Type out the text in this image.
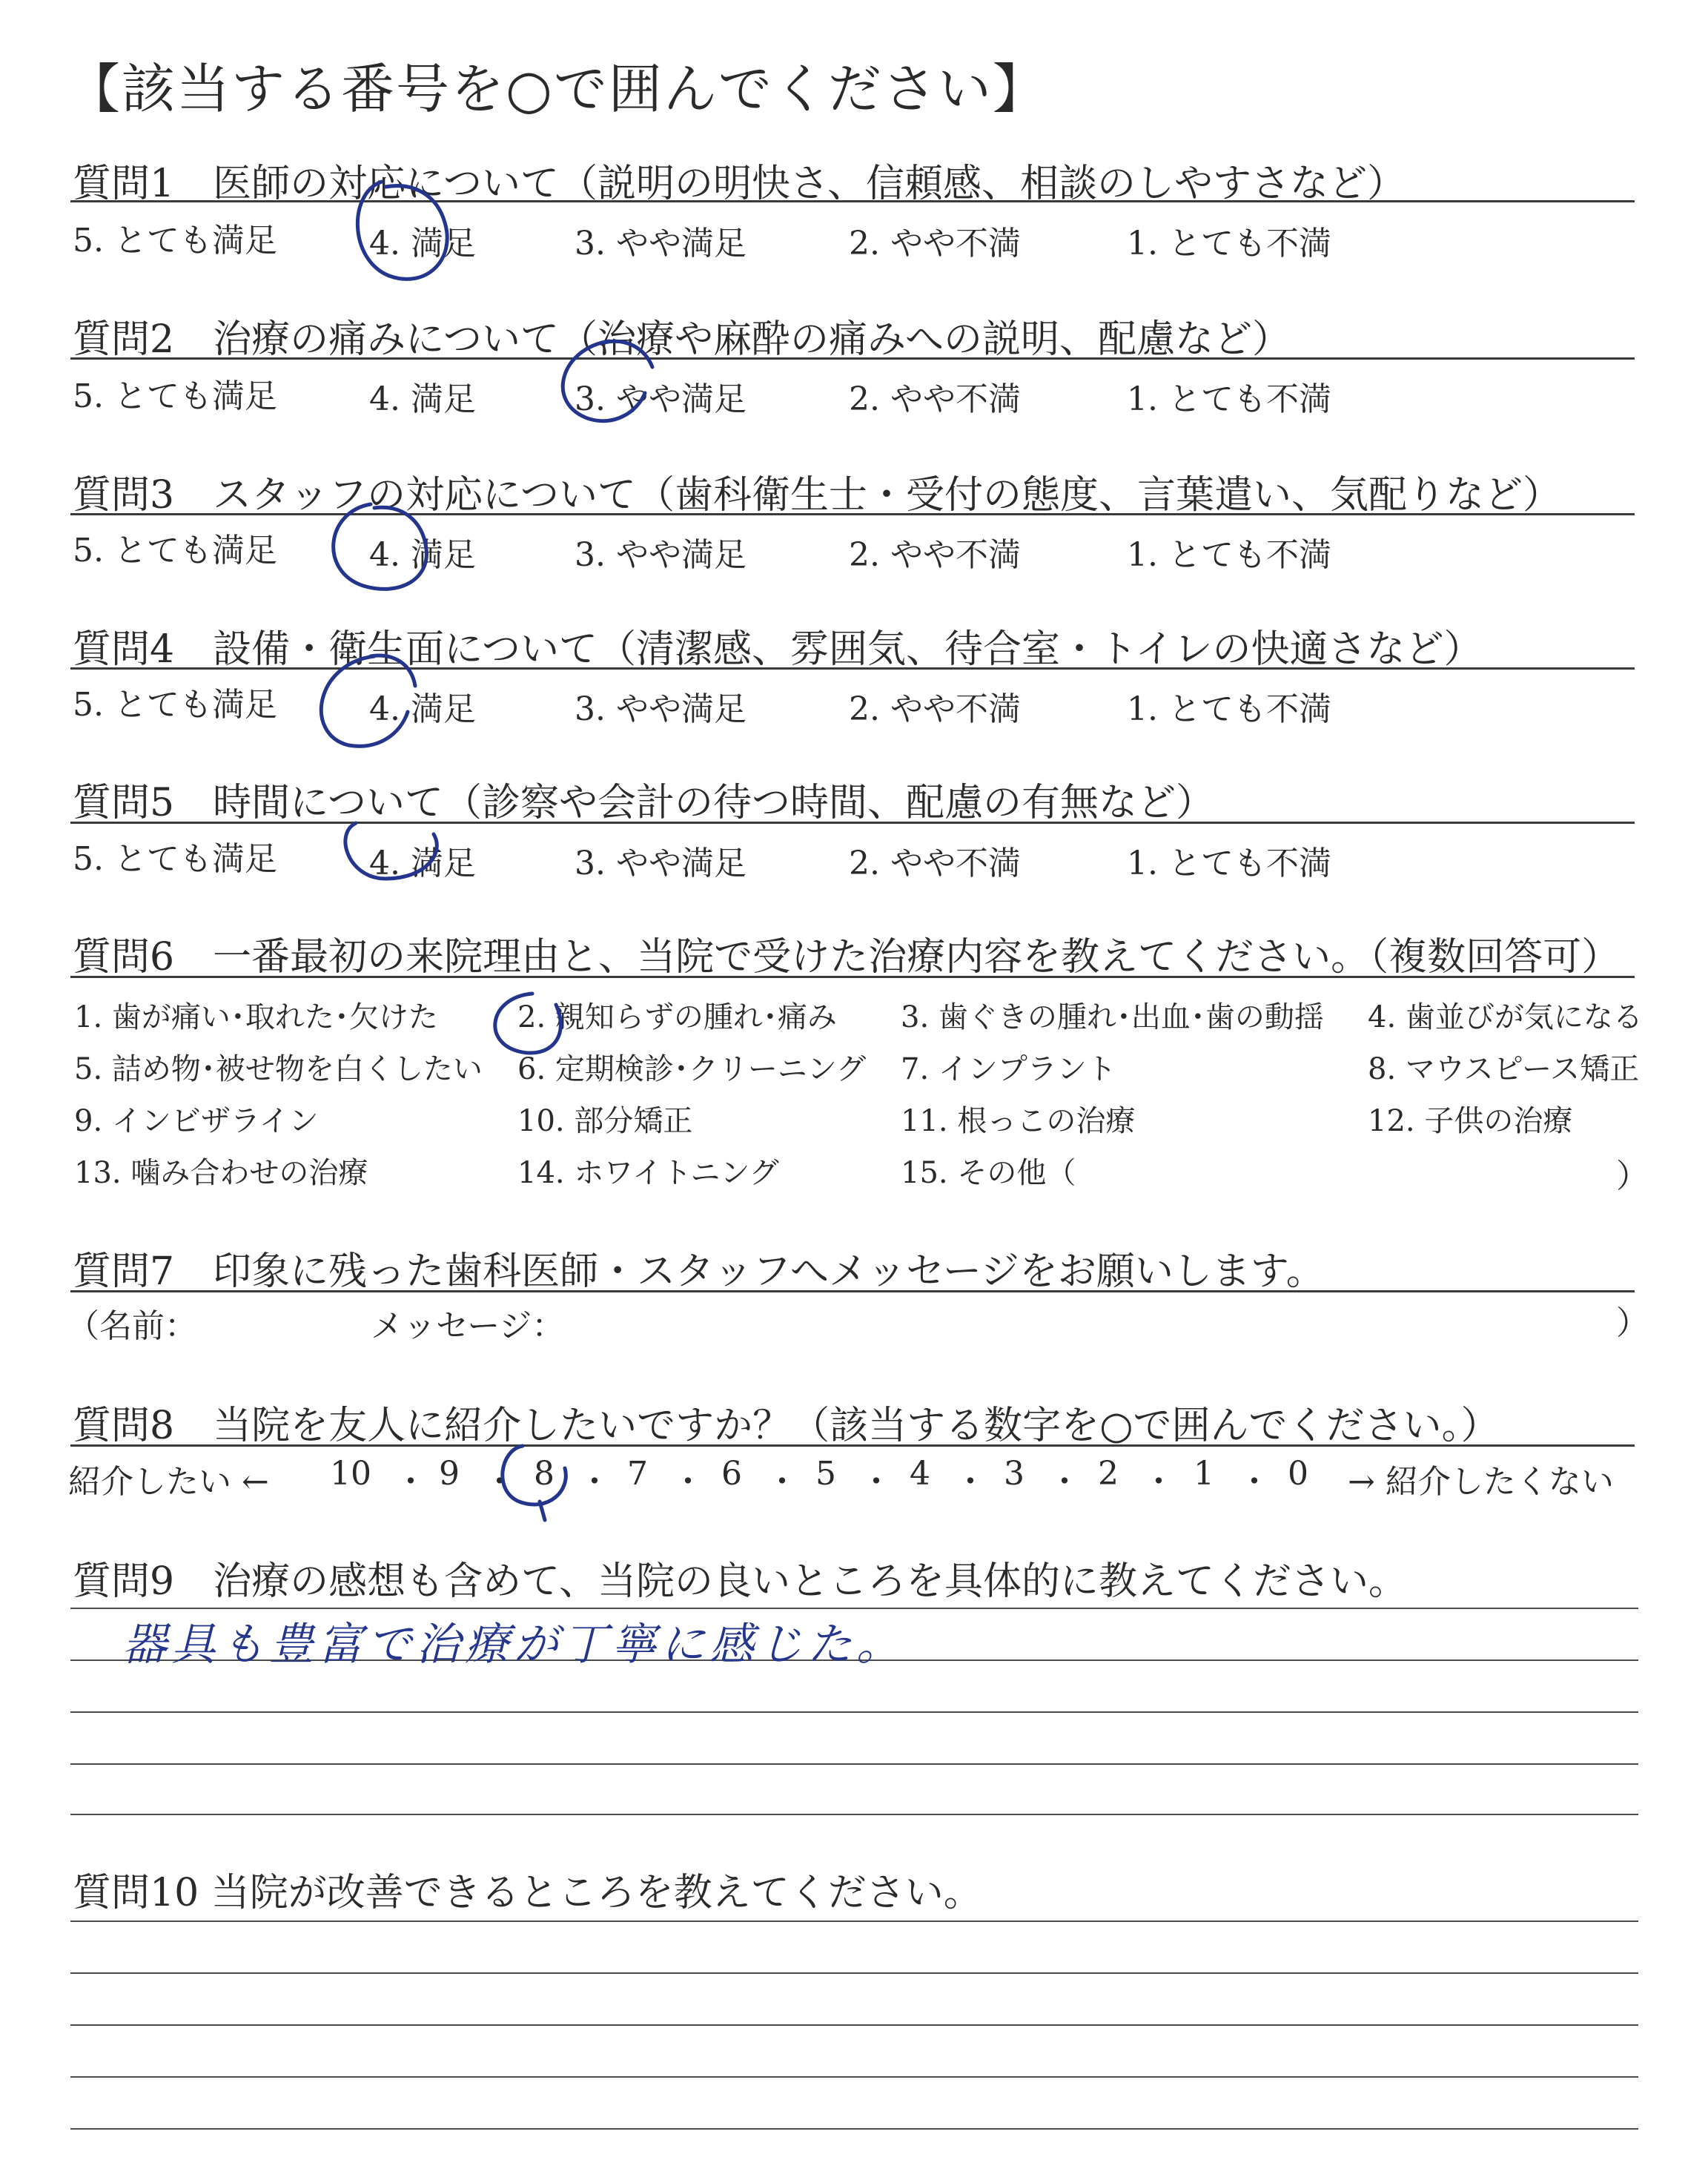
【該当する番号を○で囲んでください】
質問1　医師の対応について（説明の明快さ、信頼感、相談のしやすさなど）
5. とても満足	4. 満足	3. やや満足	2. やや不満	1. とても不満
質問2　治療の痛みについて（治療や麻酔の痛みへの説明、配慮など）
5. とても満足	4. 満足	3. やや満足	2. やや不満	1. とても不満
質問3　スタッフの対応について（歯科衛生士・受付の態度、言葉遣い、気配りなど）
5. とても満足	4. 満足	3. やや満足	2. やや不満	1. とても不満
質問4　設備・衛生面について（清潔感、雰囲気、待合室・トイレの快適さなど）
5. とても満足	4. 満足	3. やや満足	2. やや不満	1. とても不満
質問5　時間について（診察や会計の待つ時間、配慮の有無など）
5. とても満足	4. 満足	3. やや満足	2. やや不満	1. とても不満
質問6　一番最初の来院理由と、当院で受けた治療内容を教えてください。（複数回答可）
1. 歯が痛い･取れた･欠けた	2. 親知らずの腫れ･痛み 3. 歯ぐきの腫れ･出血･歯の動揺 4. 歯並びが気になる
5. 詰め物･被せ物を白くしたい 6. 定期検診･クリーニング 7. インプラント	8. マウスピース矯正
9. インビザライン	10. 部分矯正	11. 根っこの治療	12. 子供の治療
13. 噛み合わせの治療	14. ホワイトニング	15. その他（	）
質問7　印象に残った歯科医師・スタッフへメッセージをお願いします。
（名前：	メッセージ：	）
質問8　当院を友人に紹介したいですか？（該当する数字を○で囲んでください。）
紹介したい ← 10 9 8 7 6 5 4 3 2 1 0 → 紹介したくない
・ ・ ・ ・ ・ ・ ・ ・ ・ ・
質問9　治療の感想も含めて、当院の良いところを具体的に教えてください。
器具も豊富で治療が丁寧に感じた。
質問10 当院が改善できるところを教えてください。
